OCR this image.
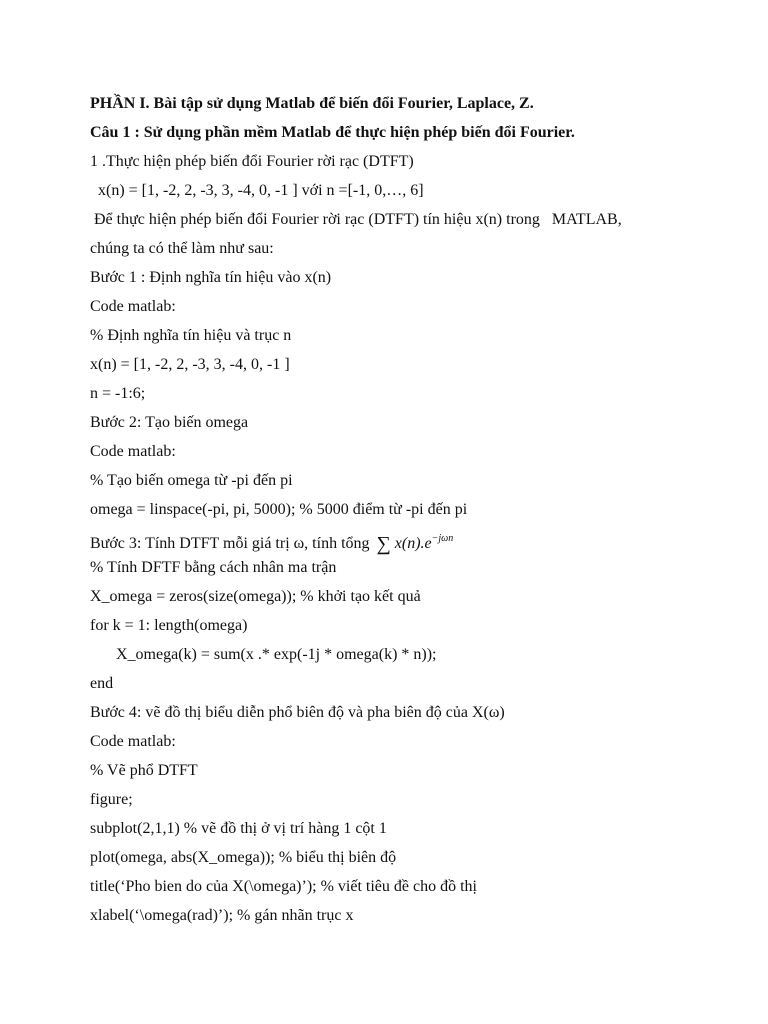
PHẦN I. Bài tập sử dụng Matlab để biến đổi Fourier, Laplace, Z.
Câu 1 : Sử dụng phần mềm Matlab để thực hiện phép biến đổi Fourier.
1 .Thực hiện phép biến đổi Fourier rời rạc (DTFT)
x(n) = [1, -2, 2, -3, 3, -4, 0, -1 ] với n =[-1, 0,…, 6]
Để thực hiện phép biến đổi Fourier rời rạc (DTFT) tín hiệu x(n) trong   MATLAB,
chúng ta có thể làm như sau:
Bước 1 : Định nghĩa tín hiệu vào x(n)
Code matlab:
% Định nghĩa tín hiệu và trục n
x(n) = [1, -2, 2, -3, 3, -4, 0, -1 ]
n = -1:6;
Bước 2: Tạo biến omega
Code matlab:
% Tạo biến omega từ -pi đến pi
omega = linspace(-pi, pi, 5000); % 5000 điểm từ -pi đến pi
Bước 3: Tính DTFT mỗi giá trị ω, tính tổng ∑ $x(n).e^{-j\omega n}$
% Tính DFTF bằng cách nhân ma trận
X_omega = zeros(size(omega)); % khởi tạo kết quả
for k = 1: length(omega)
X_omega(k) = sum(x .* exp(-1j * omega(k) * n));
end
Bước 4: vẽ đồ thị biểu diễn phổ biên độ và pha biên độ của X(ω)
Code matlab:
% Vẽ phổ DTFT
figure;
subplot(2,1,1) % vẽ đồ thị ở vị trí hàng 1 cột 1
plot(omega, abs(X_omega)); % biểu thị biên độ
title(‘Pho bien do của X(\omega)’); % viết tiêu đề cho đồ thị
xlabel(‘\omega(rad)’); % gán nhãn trục x
